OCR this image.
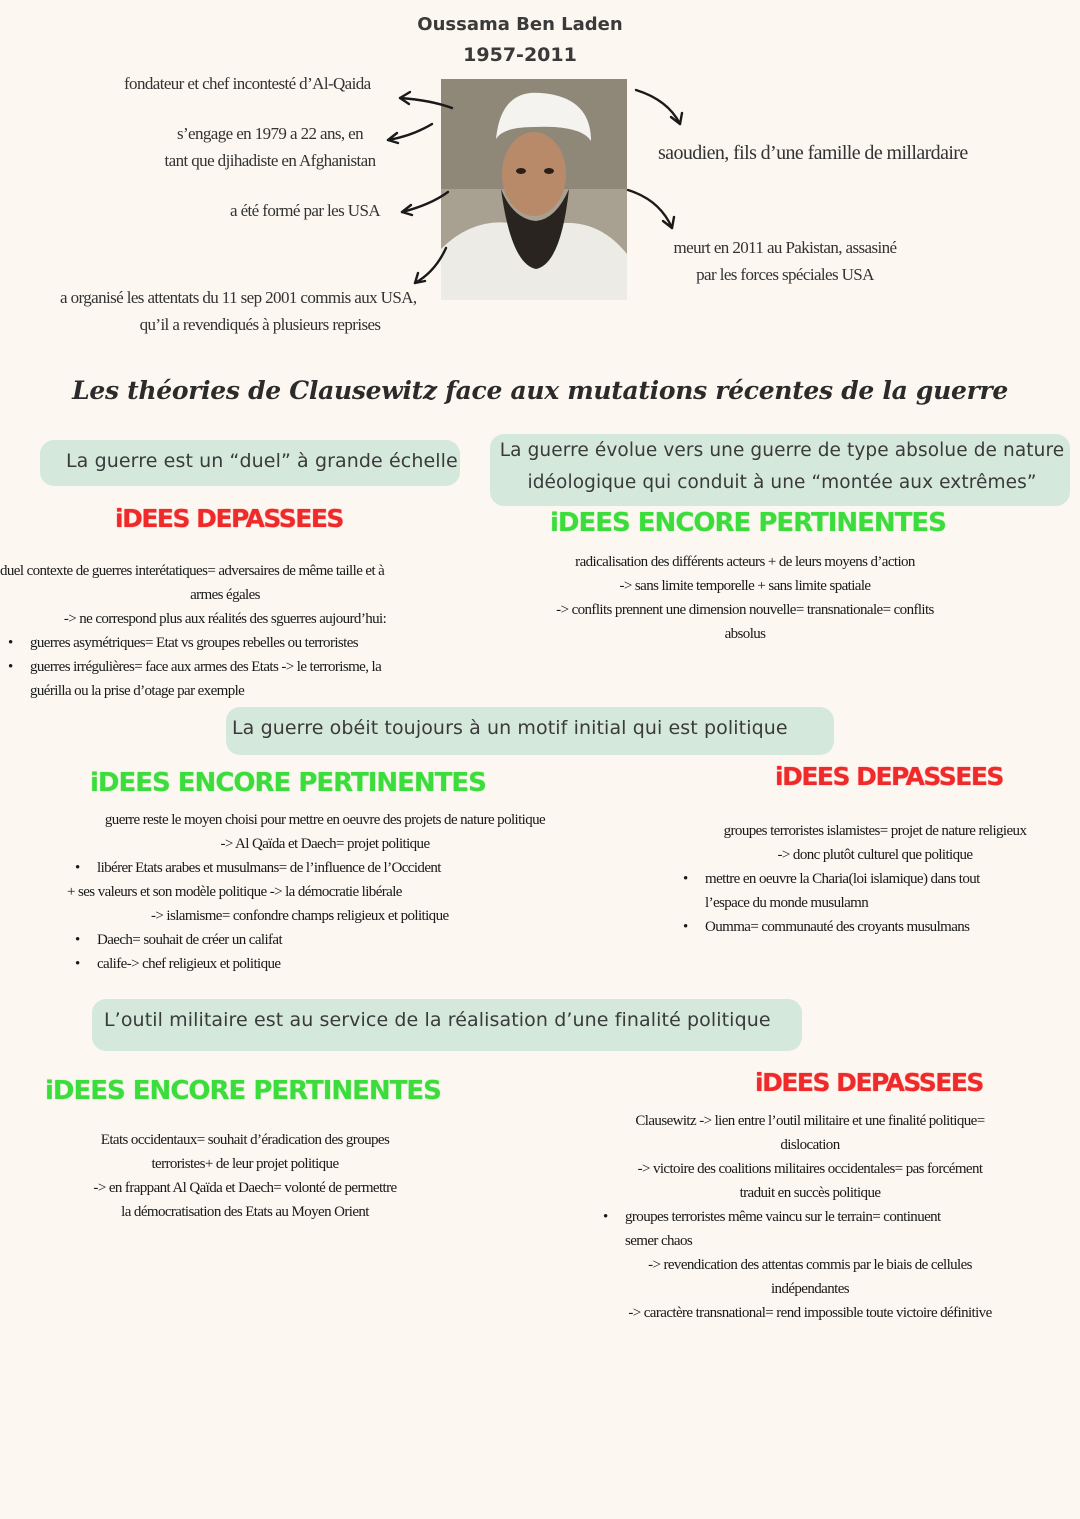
Oussama Ben Laden
1957-2011
fondateur et chef incontesté d’Al-Qaida
s’engage en 1979 a 22 ans, en
tant que djihadiste en Afghanistan
a été formé par les USA
a organisé les attentats du 11 sep 2001 commis aux USA,
qu’il a revendiqués à plusieurs reprises
saoudien, fils d’une famille de millardaire
meurt en 2011 au Pakistan, assasiné
par les forces spéciales USA
Les théories de Clausewitz face aux mutations récentes de la guerre
La guerre est un “duel” à grande échelle	La guerre évolue vers une guerre de type absolue de nature
idéologique qui conduit à une “montée aux extrêmes”
iDEES DEPASSEES	iDEES ENCORE PERTINENTES
duel contexte de guerres interétatiques= adversaires de même taille et à
armes égales
-> ne correspond plus aux réalités des sguerres aujourd’hui:
• guerres asymétriques= Etat vs groupes rebelles ou terroristes
• guerres irrégulières= face aux armes des Etats -> le terrorisme, la
guérilla ou la prise d’otage par exemple
radicalisation des différents acteurs + de leurs moyens d’action
-> sans limite temporelle + sans limite spatiale
-> conflits prennent une dimension nouvelle= transnationale= conflits
absolus
La guerre obéit toujours à un motif initial qui est politique
iDEES ENCORE PERTINENTES	iDEES DEPASSEES
guerre reste le moyen choisi pour mettre en oeuvre des projets de nature politique
-> Al Qaïda et Daech= projet politique
• libérer Etats arabes et musulmans= de l’influence de l’Occident
+ ses valeurs et son modèle politique -> la démocratie libérale
-> islamisme= confondre champs religieux et politique
• Daech= souhait de créer un califat
• calife-> chef religieux et politique
groupes terroristes islamistes= projet de nature religieux
-> donc plutôt culturel que politique
• mettre en oeuvre la Charia(loi islamique) dans tout
l’espace du monde musulamn
• Oumma= communauté des croyants musulmans
L’outil militaire est au service de la réalisation d’une finalité politique
iDEES ENCORE PERTINENTES	iDEES DEPASSEES
Etats occidentaux= souhait d’éradication des groupes
terroristes+ de leur projet politique
-> en frappant Al Qaïda et Daech= volonté de permettre
la démocratisation des Etats au Moyen Orient
Clausewitz -> lien entre l’outil militaire et une finalité politique=
dislocation
-> victoire des coalitions militaires occidentales= pas forcément
traduit en succès politique
• groupes terroristes même vaincu sur le terrain= continuent
semer chaos
-> revendication des attentas commis par le biais de cellules
indépendantes
-> caractère transnational= rend impossible toute victoire définitive
